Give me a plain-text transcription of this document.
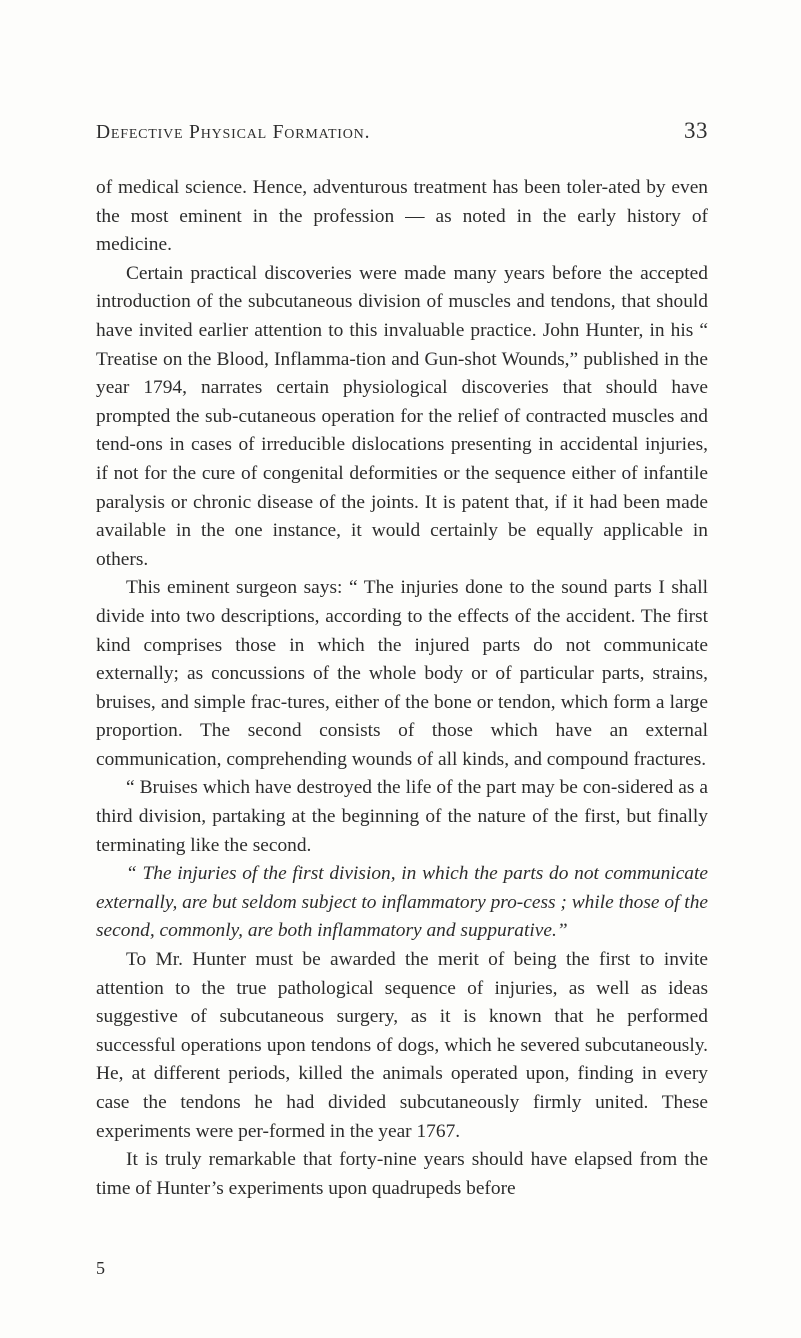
Defective Physical Formation.	33

of medical science. Hence, adventurous treatment has been toler-ated by even the most eminent in the profession — as noted in the early history of medicine.

Certain practical discoveries were made many years before the accepted introduction of the subcutaneous division of muscles and tendons, that should have invited earlier attention to this invaluable practice. John Hunter, in his “ Treatise on the Blood, Inflamma-tion and Gun-shot Wounds,” published in the year 1794, narrates certain physiological discoveries that should have prompted the sub-cutaneous operation for the relief of contracted muscles and tend-ons in cases of irreducible dislocations presenting in accidental injuries, if not for the cure of congenital deformities or the sequence either of infantile paralysis or chronic disease of the joints. It is patent that, if it had been made available in the one instance, it would certainly be equally applicable in others.

This eminent surgeon says: “ The injuries done to the sound parts I shall divide into two descriptions, according to the effects of the accident. The first kind comprises those in which the injured parts do not communicate externally; as concussions of the whole body or of particular parts, strains, bruises, and simple frac-tures, either of the bone or tendon, which form a large proportion. The second consists of those which have an external communication, comprehending wounds of all kinds, and compound fractures.

“ Bruises which have destroyed the life of the part may be con-sidered as a third division, partaking at the beginning of the nature of the first, but finally terminating like the second.

“ The injuries of the first division, in which the parts do not communicate externally, are but seldom subject to inflammatory pro-cess ; while those of the second, commonly, are both inflammatory and suppurative.”

To Mr. Hunter must be awarded the merit of being the first to invite attention to the true pathological sequence of injuries, as well as ideas suggestive of subcutaneous surgery, as it is known that he performed successful operations upon tendons of dogs, which he severed subcutaneously. He, at different periods, killed the animals operated upon, finding in every case the tendons he had divided subcutaneously firmly united. These experiments were per-formed in the year 1767.

It is truly remarkable that forty-nine years should have elapsed from the time of Hunter’s experiments upon quadrupeds before

5
